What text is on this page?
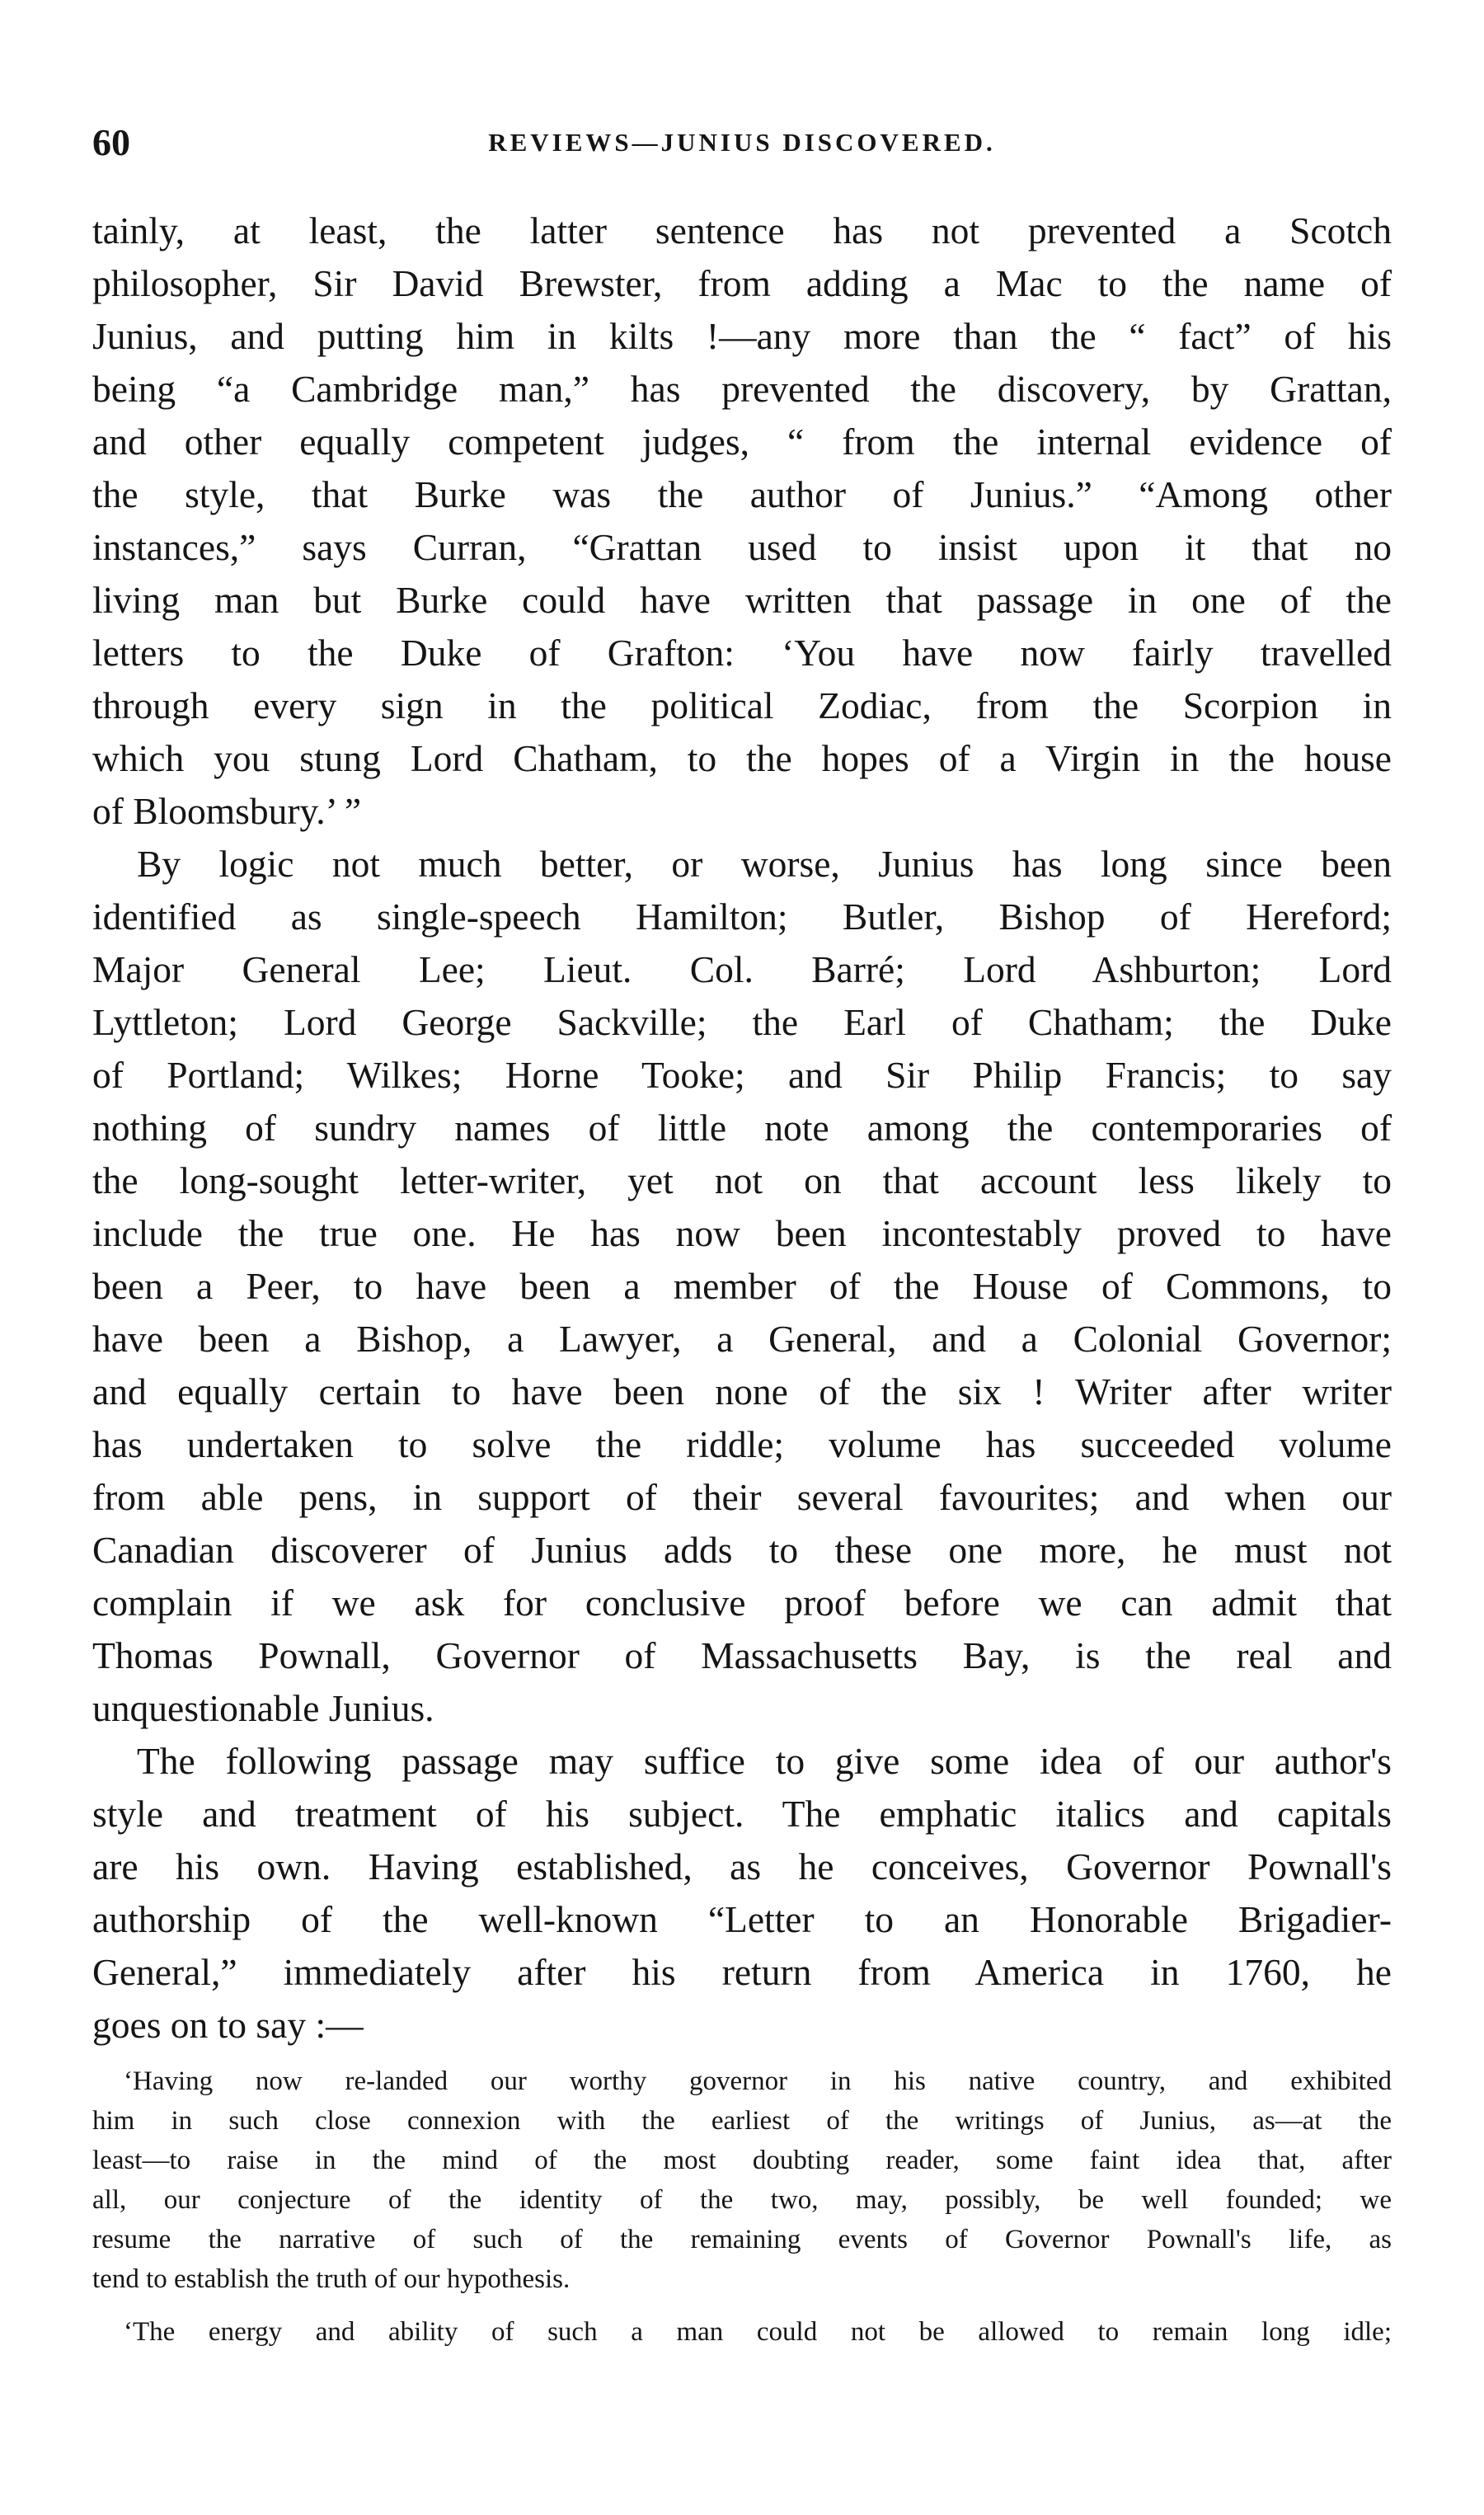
60	REVIEWS—JUNIUS DISCOVERED.
tainly, at least, the latter sentence has not prevented a Scotch
philosopher, Sir David Brewster, from adding a Mac to the name of
Junius, and putting him in kilts !—any more than the “ fact” of his
being “a Cambridge man,” has prevented the discovery, by Grattan,
and other equally competent judges, “ from the internal evidence of
the style, that Burke was the author of Junius.” “Among other
instances,” says Curran, “Grattan used to insist upon it that no
living man but Burke could have written that passage in one of the
letters to the Duke of Grafton: ‘You have now fairly travelled
through every sign in the political Zodiac, from the Scorpion in
which you stung Lord Chatham, to the hopes of a Virgin in the house
of Bloomsbury.’ ”
By logic not much better, or worse, Junius has long since been
identified as single-speech Hamilton; Butler, Bishop of Hereford;
Major General Lee; Lieut. Col. Barré; Lord Ashburton; Lord
Lyttleton; Lord George Sackville; the Earl of Chatham; the Duke
of Portland; Wilkes; Horne Tooke; and Sir Philip Francis; to say
nothing of sundry names of little note among the contemporaries of
the long-sought letter-writer, yet not on that account less likely to
include the true one. He has now been incontestably proved to have
been a Peer, to have been a member of the House of Commons, to
have been a Bishop, a Lawyer, a General, and a Colonial Governor;
and equally certain to have been none of the six ! Writer after writer
has undertaken to solve the riddle; volume has succeeded volume
from able pens, in support of their several favourites; and when our
Canadian discoverer of Junius adds to these one more, he must not
complain if we ask for conclusive proof before we can admit that
Thomas Pownall, Governor of Massachusetts Bay, is the real and
unquestionable Junius.
The following passage may suffice to give some idea of our author's
style and treatment of his subject. The emphatic italics and capitals
are his own. Having established, as he conceives, Governor Pownall's
authorship of the well-known “Letter to an Honorable Brigadier-
General,” immediately after his return from America in 1760, he
goes on to say :—
‘Having now re-landed our worthy governor in his native country, and exhibited
him in such close connexion with the earliest of the writings of Junius, as—at the
least—to raise in the mind of the most doubting reader, some faint idea that, after
all, our conjecture of the identity of the two, may, possibly, be well founded; we
resume the narrative of such of the remaining events of Governor Pownall's life, as
tend to establish the truth of our hypothesis.
‘The energy and ability of such a man could not be allowed to remain long idle;
